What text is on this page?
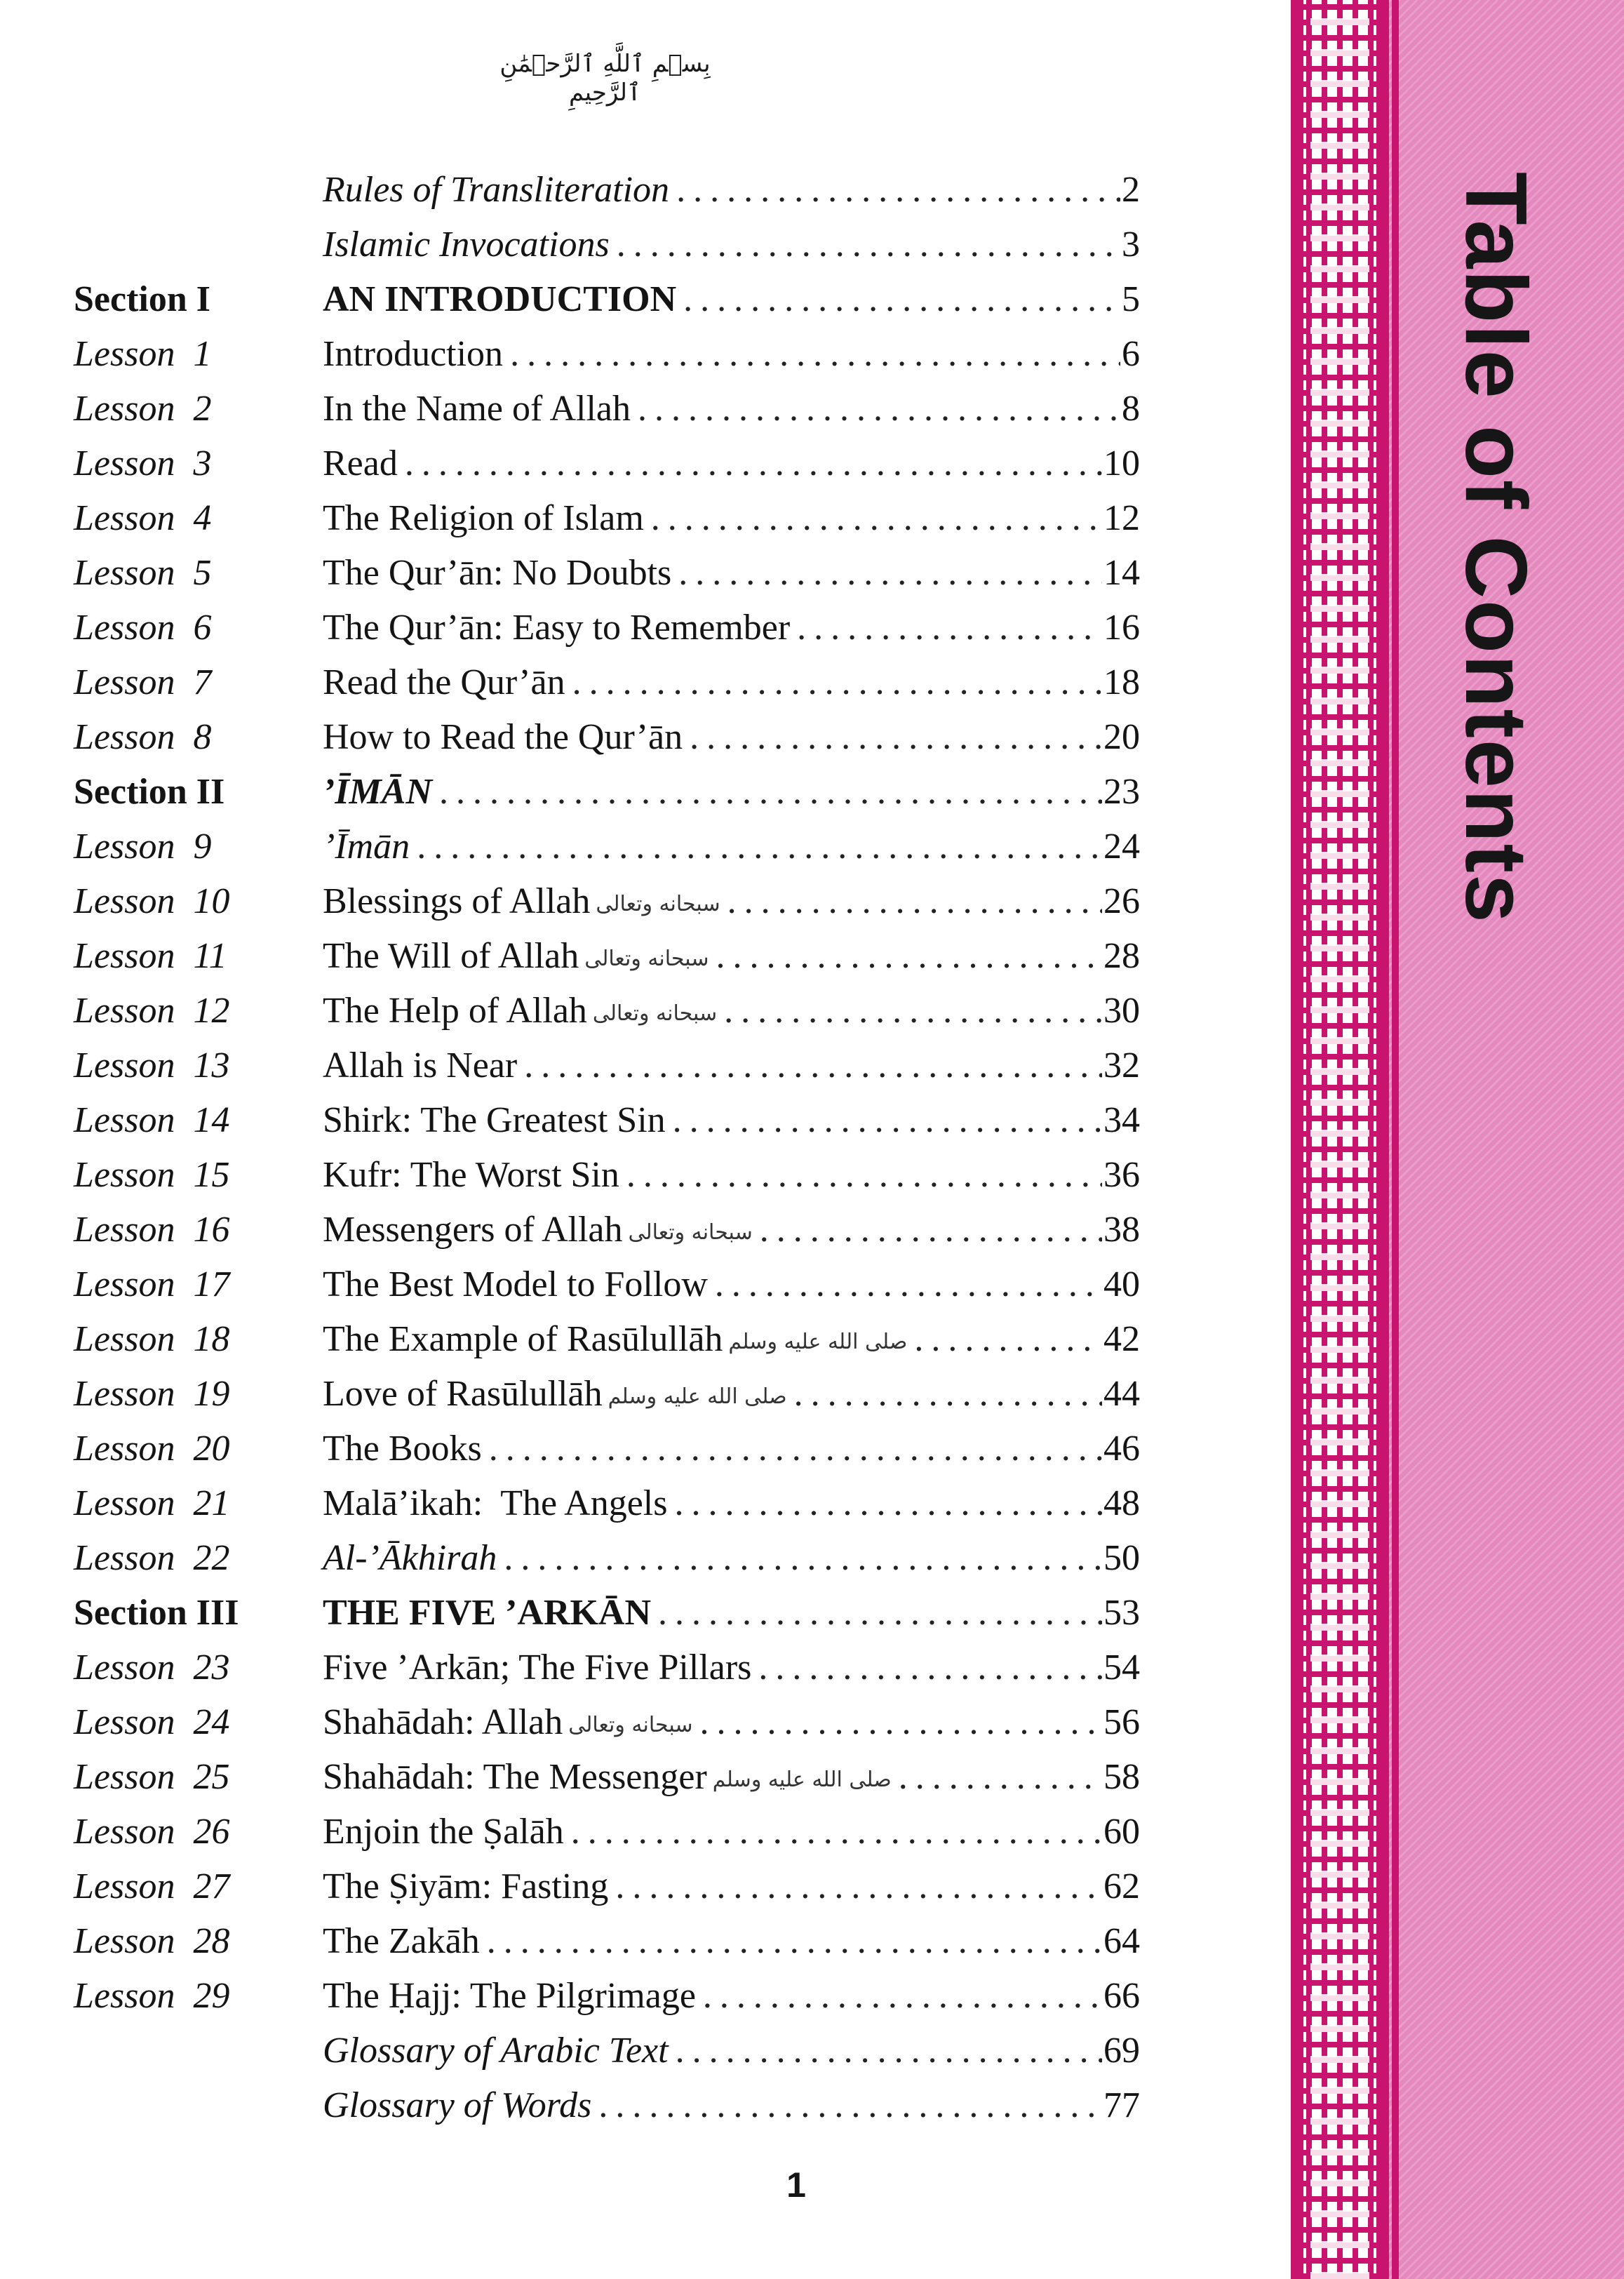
بِسۡمِ ٱللَّهِ ٱلرَّحۡمَٰنِ ٱلرَّحِيمِ
Rules of Transliteration . . .	2
Islamic Invocations . . .	3
Section I	AN INTRODUCTION . . .	5
Lesson  1	Introduction . . .	6
Lesson  2	In the Name of Allah . . .	8
Lesson  3	Read . . .	10
Lesson  4	The Religion of Islam . . .	12
Lesson  5	The Qur’ān: No Doubts . . .	14
Lesson  6	The Qur’ān: Easy to Remember . . .	16
Lesson  7	Read the Qur’ān . . .	18
Lesson  8	How to Read the Qur’ān . . .	20
Section II	’ĪMĀN . . .	23
Lesson  9	’Īmān . . .	24
Lesson  10	Blessings of Allah سبحانه وتعالى . . .	26
Lesson  11	The Will of Allah سبحانه وتعالى . . .	28
Lesson  12	The Help of Allah سبحانه وتعالى . . .	30
Lesson  13	Allah is Near . . .	32
Lesson  14	Shirk: The Greatest Sin . . .	34
Lesson  15	Kufr: The Worst Sin . . .	36
Lesson  16	Messengers of Allah سبحانه وتعالى . . .	38
Lesson  17	The Best Model to Follow . . .	40
Lesson  18	The Example of Rasūlullāh صلى الله عليه وسلم . . .	42
Lesson  19	Love of Rasūlullāh صلى الله عليه وسلم . . .	44
Lesson  20	The Books . . .	46
Lesson  21	Malā’ikah:  The Angels . . .	48
Lesson  22	Al-’Ākhirah . . .	50
Section III THE FIVE ’ARKĀN . . .	53
Lesson  23	Five ’Arkān; The Five Pillars . . .	54
Lesson  24	Shahādah: Allah سبحانه وتعالى . . .	56
Lesson  25	Shahādah: The Messenger صلى الله عليه وسلم . . .	58
Lesson  26	Enjoin the Ṣalāh . . .	60
Lesson  27	The Ṣiyām: Fasting . . .	62
Lesson  28	The Zakāh . . .	64
Lesson  29	The Ḥajj: The Pilgrimage . . .	66
Glossary of Arabic Text . . .	69
Glossary of Words . . .	77
1
Table of Contents
